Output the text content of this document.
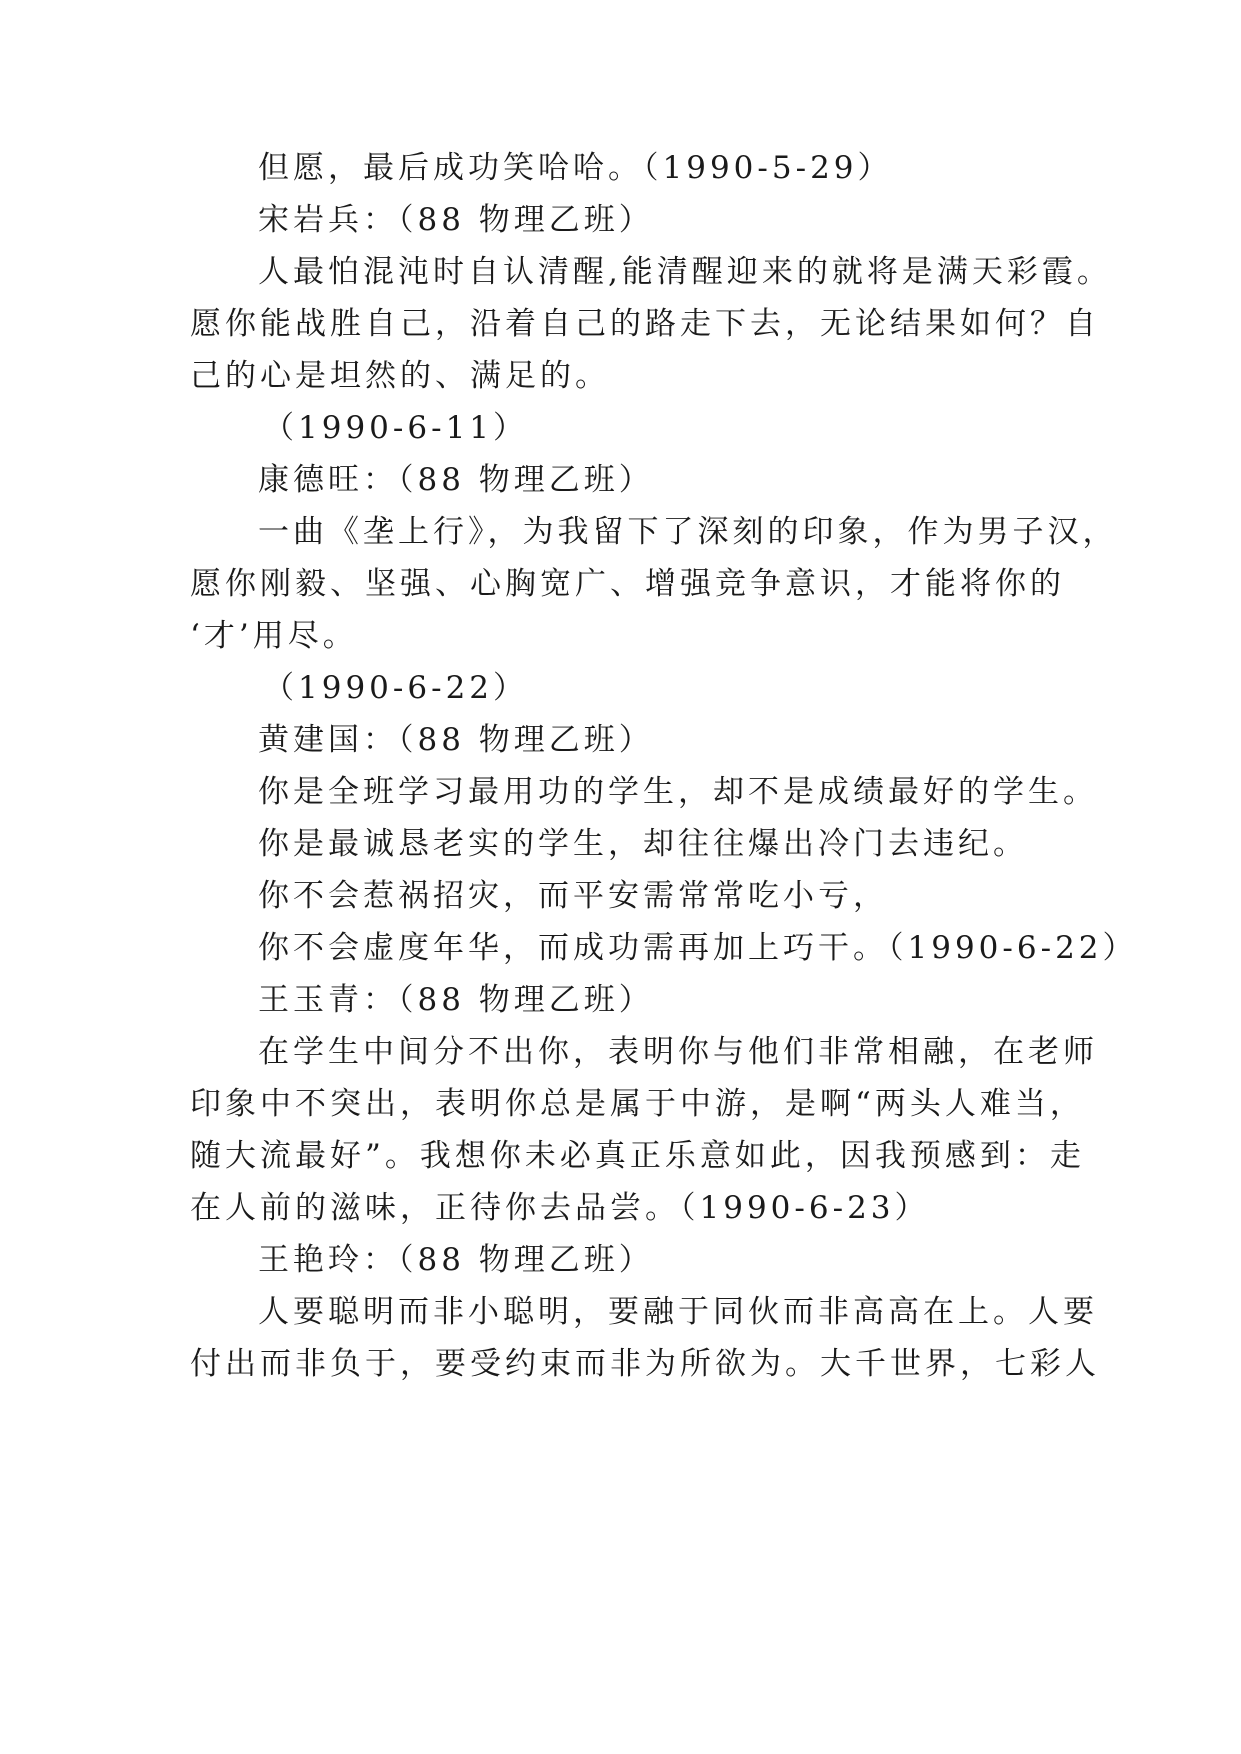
但愿，最后成功笑哈哈。（1990-5-29）
宋岩兵：（88 物理乙班）
人最怕混沌时自认清醒,能清醒迎来的就将是满天彩霞。
愿你能战胜自己，沿着自己的路走下去，无论结果如何？自
己的心是坦然的、满足的。
（1990-6-11）
康德旺：（88 物理乙班）
一曲《垄上行》，为我留下了深刻的印象，作为男子汉，
愿你刚毅、坚强、心胸宽广、增强竞争意识，才能将你的
‘才’用尽。
（1990-6-22）
黄建国：（88 物理乙班）
你是全班学习最用功的学生，却不是成绩最好的学生。
你是最诚恳老实的学生，却往往爆出冷门去违纪。
你不会惹祸招灾，而平安需常常吃小亏，
你不会虚度年华，而成功需再加上巧干。（1990-6-22）
王玉青：（88 物理乙班）
在学生中间分不出你，表明你与他们非常相融，在老师
印象中不突出，表明你总是属于中游，是啊“两头人难当，
随大流最好”。我想你未必真正乐意如此，因我预感到：走
在人前的滋味，正待你去品尝。（1990-6-23）
王艳玲：（88 物理乙班）
人要聪明而非小聪明，要融于同伙而非高高在上。人要
付出而非负于，要受约束而非为所欲为。大千世界，七彩人
